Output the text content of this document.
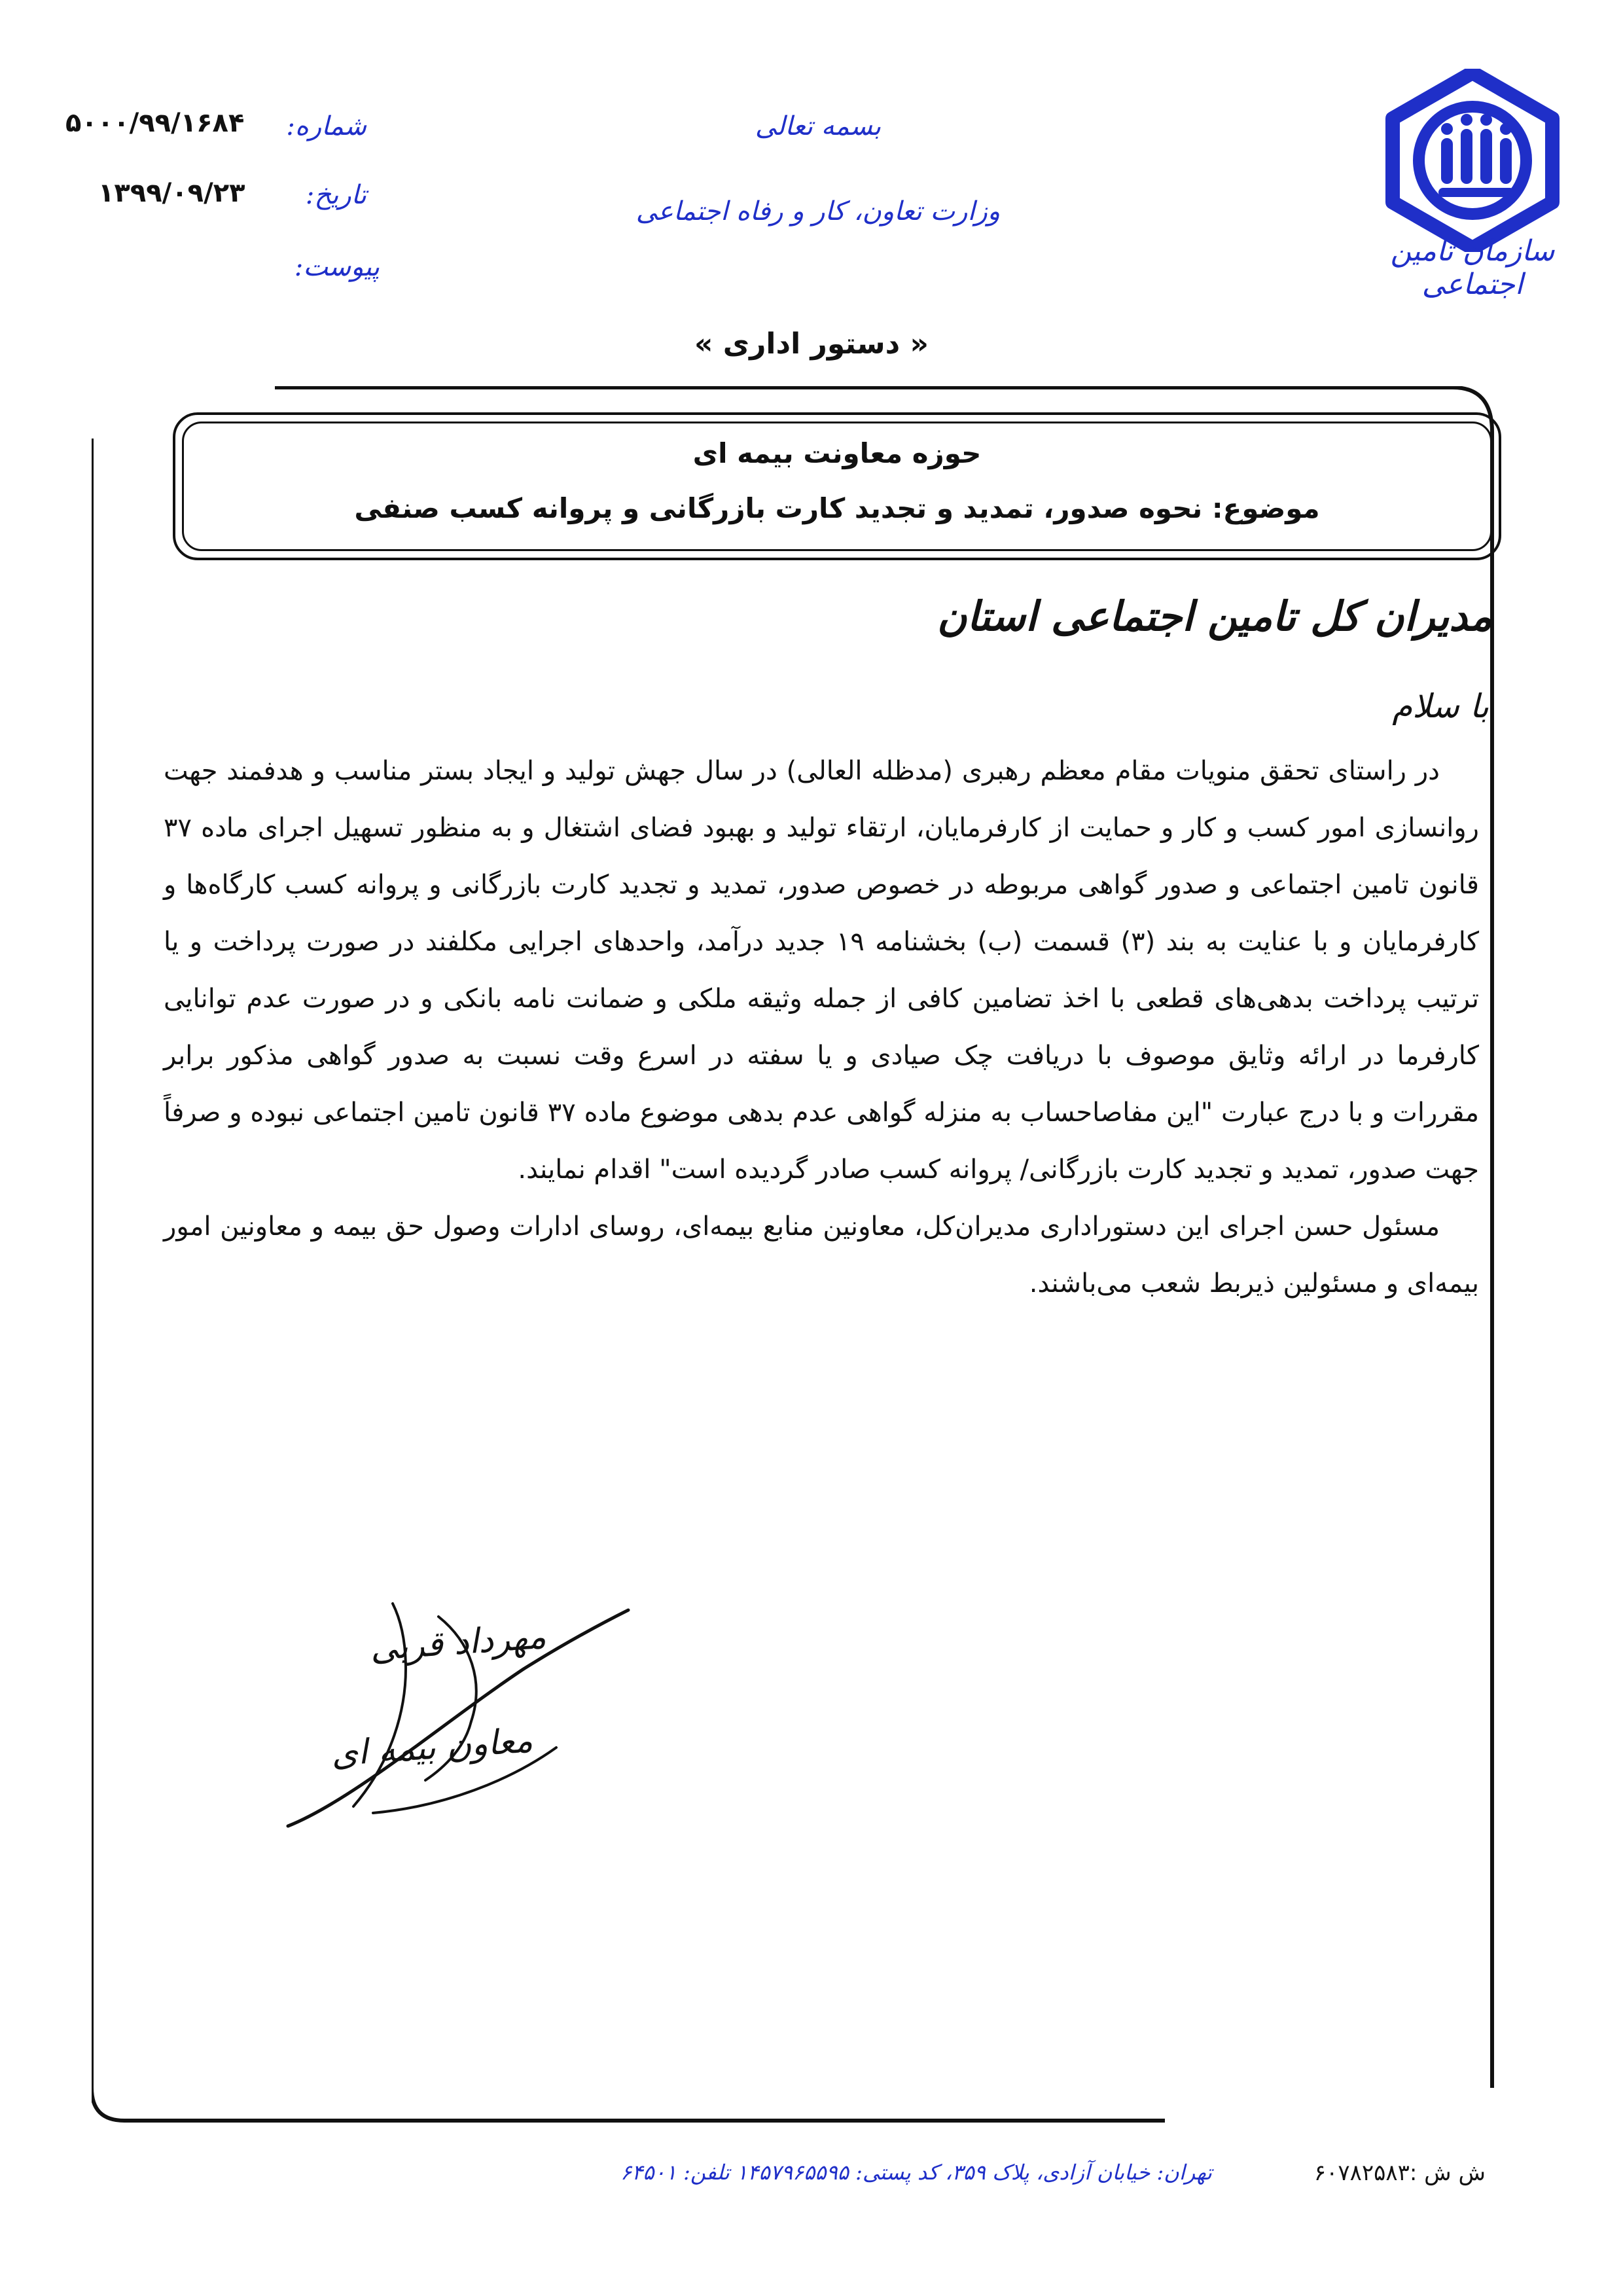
سازمان تامین اجتماعی
بسمه تعالی
وزارت تعاون، کار و رفاه اجتماعی
شماره:
۵۰۰۰/۹۹/۱۶۸۴
تاریخ:
۱۳۹۹/۰۹/۲۳
پیوست:
« دستور اداری »
حوزه معاونت بیمه ای
موضوع: نحوه صدور، تمدید و تجدید کارت بازرگانی و پروانه کسب صنفی
مدیران کل تامین اجتماعی استان
با سلام

در راستای تحقق منویات مقام معظم رهبری (مدظله العالی) در سال جهش تولید و ایجاد بستر مناسب و هدفمند جهت روانسازی امور کسب و کار و حمایت از کارفرمایان، ارتقاء تولید و بهبود فضای اشتغال و به منظور تسهیل اجرای ماده ۳۷ قانون تامین اجتماعی و صدور گواهی مربوطه در خصوص صدور، تمدید و تجدید کارت بازرگانی و پروانه کسب کارگاه‌ها و کارفرمایان و با عنایت به بند (۳) قسمت (ب) بخشنامه ۱۹ جدید درآمد، واحدهای اجرایی مکلفند در صورت پرداخت و یا ترتیب پرداخت بدهی‌های قطعی با اخذ تضامین کافی از جمله وثیقه ملکی و ضمانت نامه بانکی و در صورت عدم توانایی کارفرما در ارائه وثایق موصوف با دریافت چک صیادی و یا سفته در اسرع وقت نسبت به صدور گواهی مذکور برابر مقررات و با درج عبارت "این مفاصاحساب به منزله گواهی عدم بدهی موضوع ماده ۳۷ قانون تامین اجتماعی نبوده و صرفاً جهت صدور، تمدید و تجدید کارت بازرگانی/ پروانه کسب صادر گردیده است" اقدام نمایند.

مسئول حسن اجرای این دستوراداری مدیران‌کل، معاونین منابع بیمه‌ای، روسای ادارات وصول حق بیمه و معاونین امور بیمه‌ای و مسئولین ذیربط شعب می‌باشند.

مهرداد قربی
معاون بیمه ای
تهران: خیابان آزادی، پلاک ۳۵۹، کد پستی: ۱۴۵۷۹۶۵۵۹۵ تلفن: ۶۴۵۰۱	ش ش :۶۰۷۸۲۵۸۳
